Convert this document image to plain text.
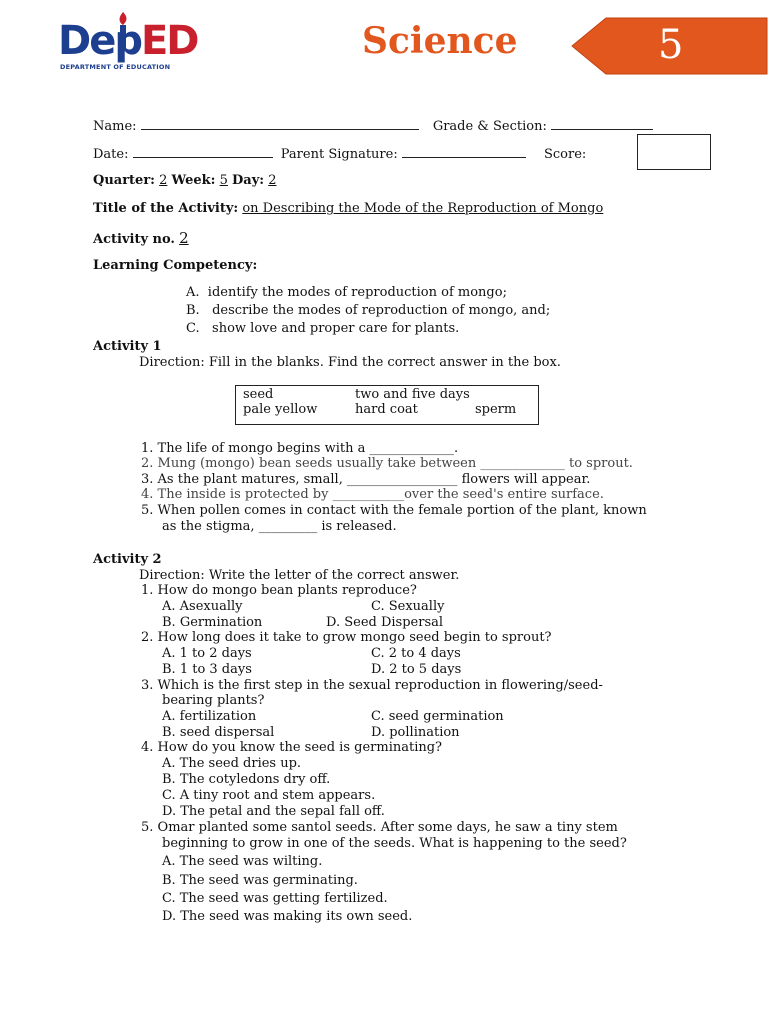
DepED
DEPARTMENT OF EDUCATION
Science	5
Name:	Grade & Section:
Date:	Parent Signature:	Score:
Quarter: 2 Week: 5 Day: 2
Title of the Activity: on Describing the Mode of the Reproduction of Mongo
Activity no. 2
Learning Competency:
A. identify the modes of reproduction of mongo;
B. describe the modes of reproduction of mongo, and;
C. show love and proper care for plants.
Activity 1
Direction: Fill in the blanks. Find the correct answer in the box.
seed	two and five days
pale yellow	hard coat	sperm
1. The life of mongo begins with a _____________.
2. Mung (mongo) bean seeds usually take between _____________ to sprout.
3. As the plant matures, small, _________________ flowers will appear.
4. The inside is protected by ___________over the seed's entire surface.
5. When pollen comes in contact with the female portion of the plant, known
as the stigma, _________ is released.
Activity 2
Direction: Write the letter of the correct answer.
1. How do mongo bean plants reproduce?
A. Asexually	C. Sexually
B. Germination	D. Seed Dispersal
2. How long does it take to grow mongo seed begin to sprout?
A. 1 to 2 days	C. 2 to 4 days
B. 1 to 3 days	D. 2 to 5 days
3. Which is the first step in the sexual reproduction in flowering/seed-
bearing plants?
A. fertilization	C. seed germination
B. seed dispersal	D. pollination
4. How do you know the seed is germinating?
A. The seed dries up.
B. The cotyledons dry off.
C. A tiny root and stem appears.
D. The petal and the sepal fall off.
5. Omar planted some santol seeds. After some days, he saw a tiny stem
beginning to grow in one of the seeds. What is happening to the seed?
A. The seed was wilting.
B. The seed was germinating.
C. The seed was getting fertilized.
D. The seed was making its own seed.
